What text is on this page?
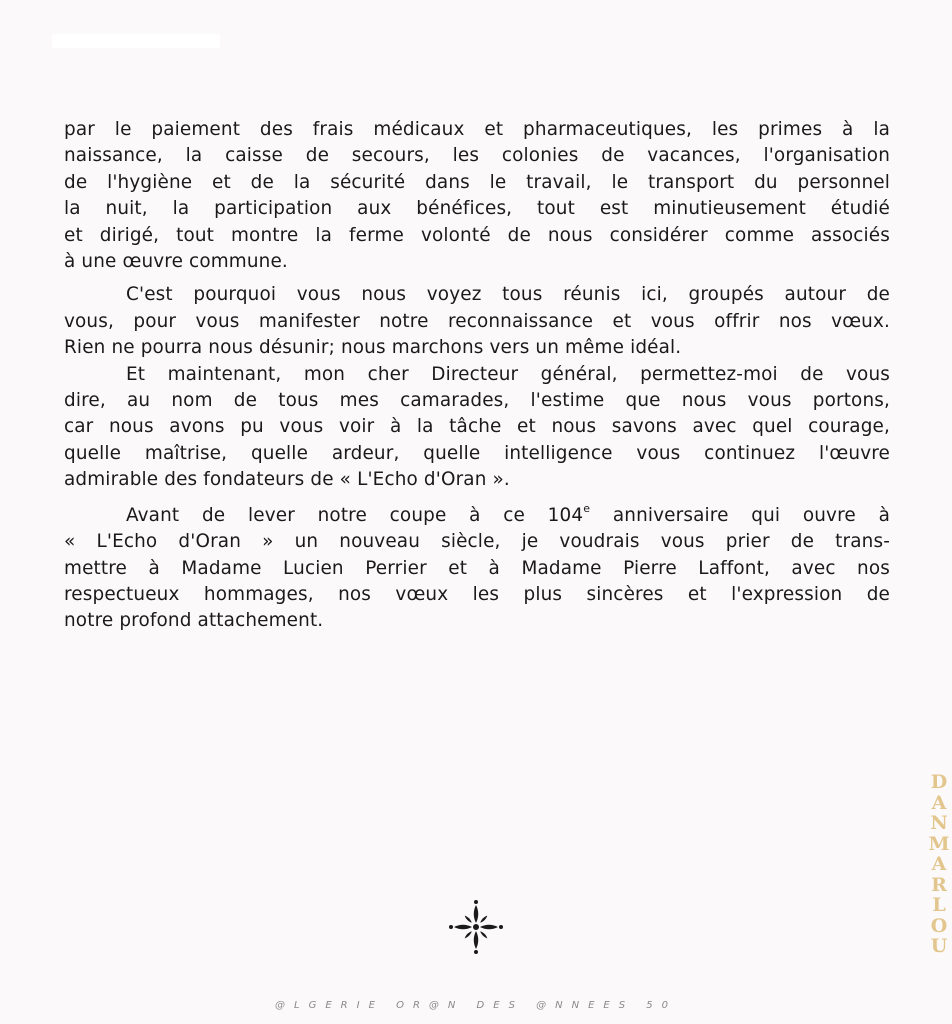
par le paiement des frais médicaux et pharmaceutiques, les primes à la
naissance, la caisse de secours, les colonies de vacances, l'organisation
de l'hygiène et de la sécurité dans le travail, le transport du personnel
la nuit, la participation aux bénéfices, tout est minutieusement étudié
et dirigé, tout montre la ferme volonté de nous considérer comme associés
à une œuvre commune.

C'est pourquoi vous nous voyez tous réunis ici, groupés autour de
vous, pour vous manifester notre reconnaissance et vous offrir nos vœux.
Rien ne pourra nous désunir; nous marchons vers un même idéal.

Et maintenant, mon cher Directeur général, permettez-moi de vous
dire, au nom de tous mes camarades, l'estime que nous vous portons,
car nous avons pu vous voir à la tâche et nous savons avec quel courage,
quelle maîtrise, quelle ardeur, quelle intelligence vous continuez l'œuvre
admirable des fondateurs de « L'Echo d'Oran ».

Avant de lever notre coupe à ce 104e anniversaire qui ouvre à
« L'Echo d'Oran » un nouveau siècle, je voudrais vous prier de trans-
mettre à Madame Lucien Perrier et à Madame Pierre Laffont, avec nos
respectueux hommages, nos vœux les plus sincères et l'expression de
notre profond attachement.

D
A
N
M
A
R
L
O
U
@LGERIE OR@N DES @NNEES 50
